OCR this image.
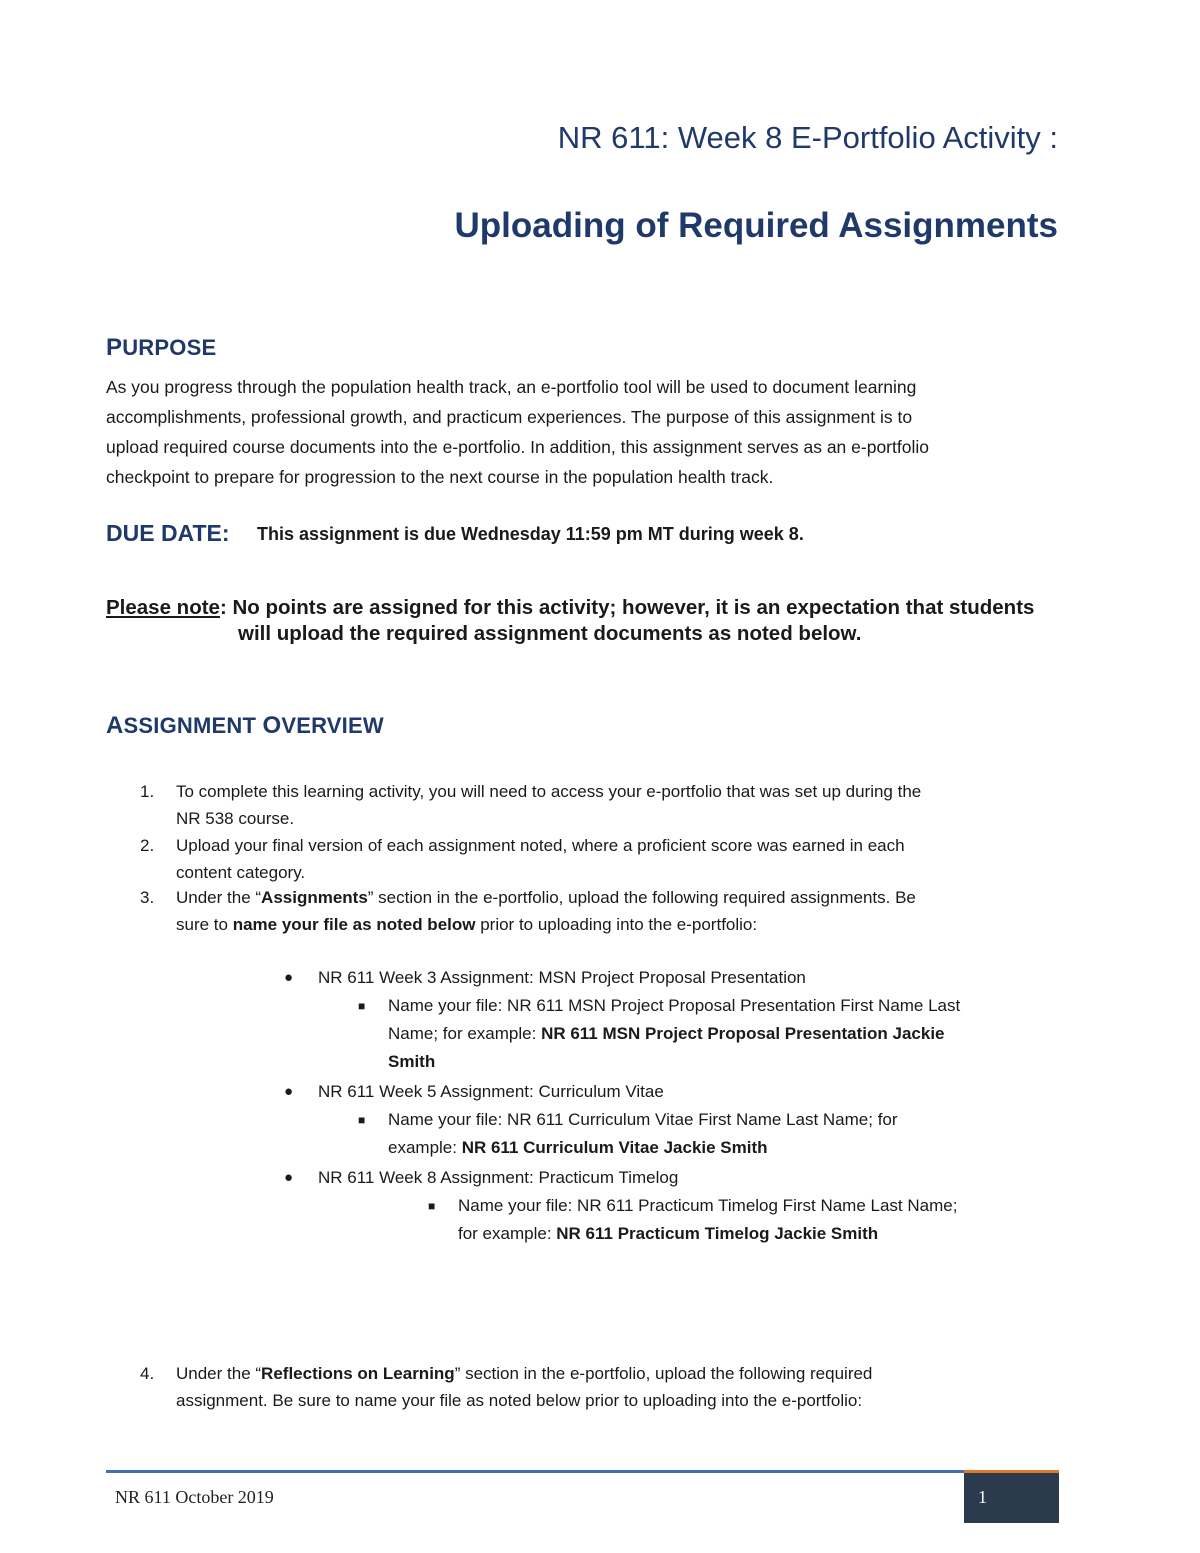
NR 611: Week 8 E-Portfolio Activity :
Uploading of Required Assignments
PURPOSE
As you progress through the population health track, an e-portfolio tool will be used to document learning
accomplishments, professional growth, and practicum experiences. The purpose of this assignment is to
upload required course documents into the e-portfolio. In addition, this assignment serves as an e-portfolio
checkpoint to prepare for progression to the next course in the population health track.
DUE DATE: This assignment is due Wednesday 11:59 pm MT during week 8.
Please note: No points are assigned for this activity; however, it is an expectation that students
will upload the required assignment documents as noted below.
ASSIGNMENT OVERVIEW
1. To complete this learning activity, you will need to access your e-portfolio that was set up during the
NR 538 course.
2. Upload your final version of each assignment noted, where a proficient score was earned in each
content category.
3. Under the “Assignments” section in the e-portfolio, upload the following required assignments. Be
sure to name your file as noted below prior to uploading into the e-portfolio:
● NR 611 Week 3 Assignment: MSN Project Proposal Presentation
■ Name your file: NR 611 MSN Project Proposal Presentation First Name Last
Name; for example: NR 611 MSN Project Proposal Presentation Jackie
Smith
● NR 611 Week 5 Assignment: Curriculum Vitae
■ Name your file: NR 611 Curriculum Vitae First Name Last Name; for
example: NR 611 Curriculum Vitae Jackie Smith
● NR 611 Week 8 Assignment: Practicum Timelog
■ Name your file: NR 611 Practicum Timelog First Name Last Name;
for example: NR 611 Practicum Timelog Jackie Smith
4. Under the “Reflections on Learning” section in the e-portfolio, upload the following required
assignment. Be sure to name your file as noted below prior to uploading into the e-portfolio:
NR 611 October 2019	1
